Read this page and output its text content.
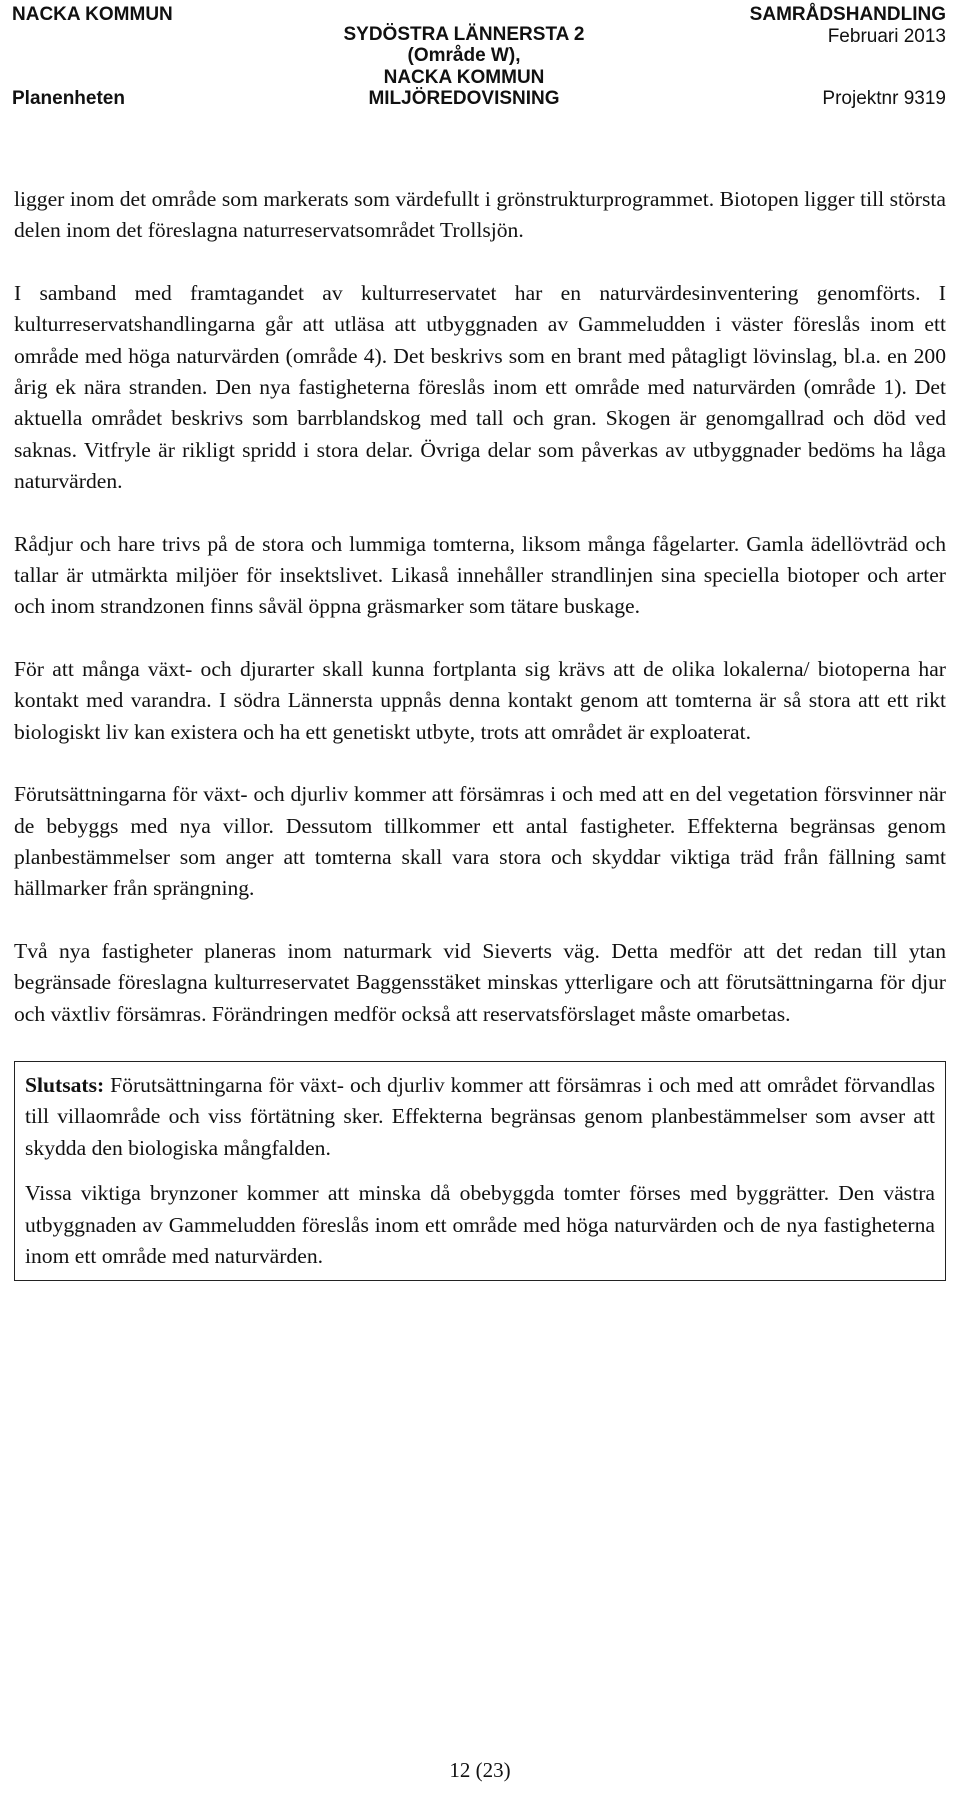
NACKA KOMMUN
Planenheten
SYDÖSTRA LÄNNERSTA 2
(Område W),
NACKA KOMMUN
MILJÖREDOVISNING
SAMRÅDSHANDLING
Februari 2013
Projektnr 9319

ligger inom det område som markerats som värdefullt i grönstrukturprogrammet. Biotopen ligger till största delen inom det föreslagna naturreservatsområdet Trollsjön.

I samband med framtagandet av kulturreservatet har en naturvärdesinventering genomförts. I kulturreservatshandlingarna går att utläsa att utbyggnaden av Gammeludden i väster föreslås inom ett område med höga naturvärden (område 4). Det beskrivs som en brant med påtagligt lövinslag, bl.a. en 200 årig ek nära stranden. Den nya fastigheterna föreslås inom ett område med naturvärden (område 1). Det aktuella området beskrivs som barrblandskog med tall och gran. Skogen är genomgallrad och död ved saknas. Vitfryle är rikligt spridd i stora delar. Övriga delar som påverkas av utbyggnader bedöms ha låga naturvärden.

Rådjur och hare trivs på de stora och lummiga tomterna, liksom många fågelarter. Gamla ädellövträd och tallar är utmärkta miljöer för insektslivet. Likaså innehåller strandlinjen sina speciella biotoper och arter och inom strandzonen finns såväl öppna gräsmarker som tätare buskage.

För att många växt- och djurarter skall kunna fortplanta sig krävs att de olika lokalerna/ biotoperna har kontakt med varandra. I södra Lännersta uppnås denna kontakt genom att tomterna är så stora att ett rikt biologiskt liv kan existera och ha ett genetiskt utbyte, trots att området är exploaterat.

Förutsättningarna för växt- och djurliv kommer att försämras i och med att en del vegetation försvinner när de bebyggs med nya villor. Dessutom tillkommer ett antal fastigheter. Effekterna begränsas genom planbestämmelser som anger att tomterna skall vara stora och skyddar viktiga träd från fällning samt hällmarker från sprängning.

Två nya fastigheter planeras inom naturmark vid Sieverts väg. Detta medför att det redan till ytan begränsade föreslagna kulturreservatet Baggensstäket minskas ytterligare och att förutsättningarna för djur och växtliv försämras. Förändringen medför också att reservatsförslaget måste omarbetas.

Slutsats: Förutsättningarna för växt- och djurliv kommer att försämras i och med att området förvandlas till villaområde och viss förtätning sker. Effekterna begränsas genom planbestämmelser som avser att skydda den biologiska mångfalden.

Vissa viktiga brynzoner kommer att minska då obebyggda tomter förses med byggrätter. Den västra utbyggnaden av Gammeludden föreslås inom ett område med höga naturvärden och de nya fastigheterna inom ett område med naturvärden.

12 (23)
